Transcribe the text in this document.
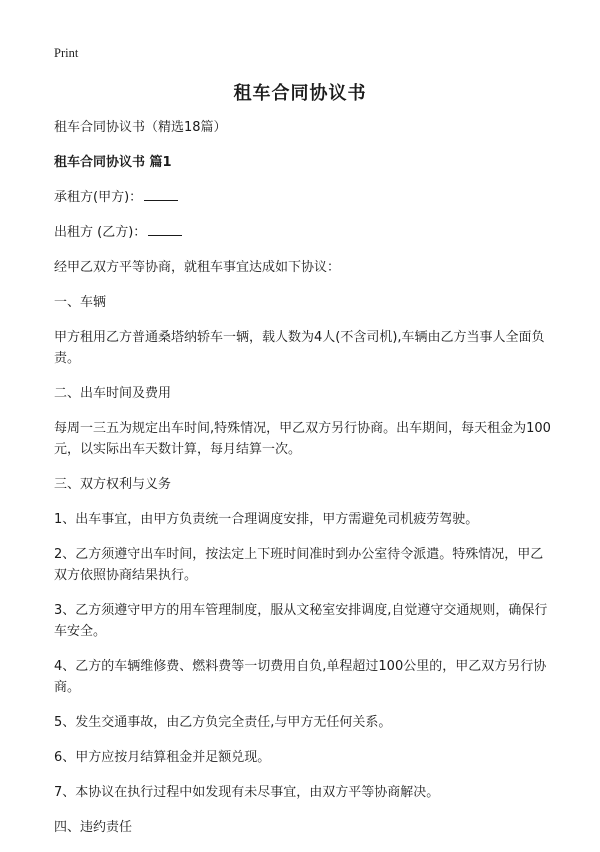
Print
租车合同协议书

租车合同协议书（精选18篇）

租车合同协议书 篇1

承租方(甲方)：

出租方 (乙方)：

经甲乙双方平等协商，就租车事宜达成如下协议：

一、车辆

甲方租用乙方普通桑塔纳轿车一辆，载人数为4人(不含司机),车辆由乙方当事人全面负责。

二、出车时间及费用

每周一三五为规定出车时间,特殊情况，甲乙双方另行协商。出车期间，每天租金为100元，以实际出车天数计算，每月结算一次。

三、双方权利与义务

1、出车事宜，由甲方负责统一合理调度安排，甲方需避免司机疲劳驾驶。

2、乙方须遵守出车时间，按法定上下班时间准时到办公室待令派遣。特殊情况，甲乙双方依照协商结果执行。

3、乙方须遵守甲方的用车管理制度，服从文秘室安排调度,自觉遵守交通规则，确保行车安全。

4、乙方的车辆维修费、燃料费等一切费用自负,单程超过100公里的，甲乙双方另行协商。

5、发生交通事故，由乙方负完全责任,与甲方无任何关系。

6、甲方应按月结算租金并足额兑现。

7、本协议在执行过程中如发现有未尽事宜，由双方平等协商解决。

四、违约责任
